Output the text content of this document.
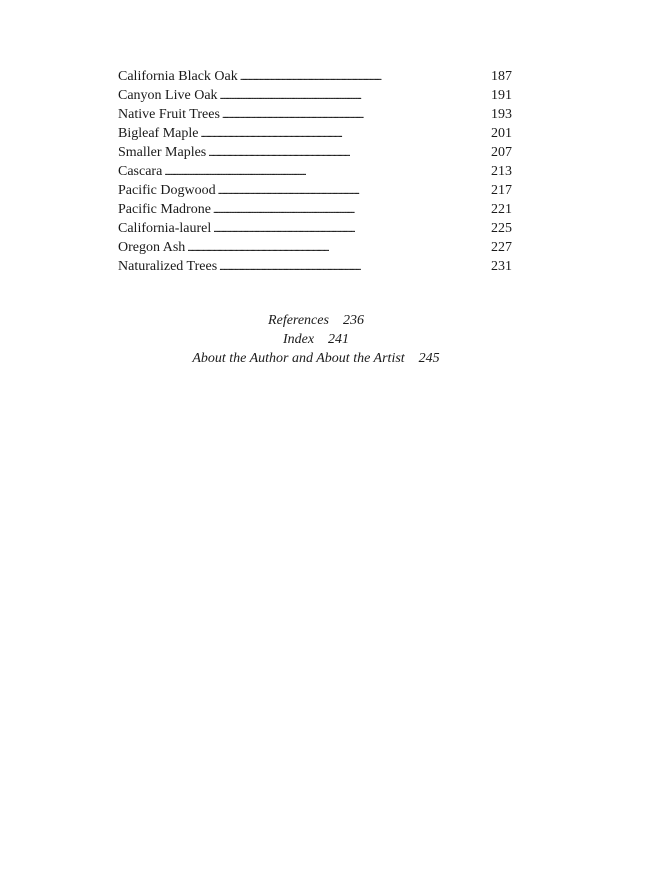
California Black Oak . . .	187
Canyon Live Oak . . .	191
Native Fruit Trees . . .	193
Bigleaf Maple . . .	201
Smaller Maples . . .	207
Cascara . . .	213
Pacific Dogwood . . .	217
Pacific Madrone . . .	221
California-laurel . . .	225
Oregon Ash . . .	227
Naturalized Trees . . .	231
References 236
Index 241
About the Author and About the Artist 245
